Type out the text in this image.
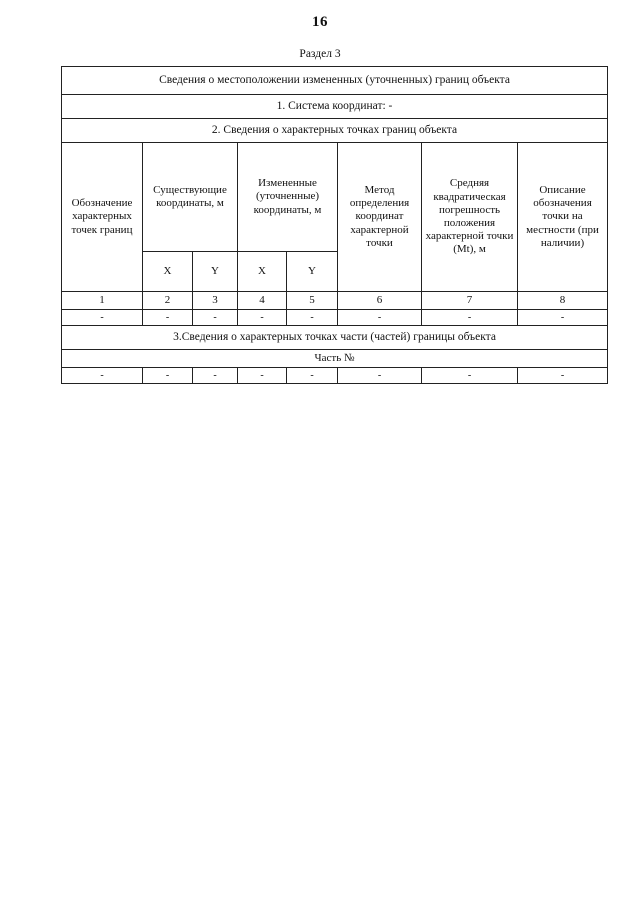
16
Раздел 3
Сведения о местоположении измененных (уточненных) границ объекта							
1. Система координат: -							
2. Сведения о характерных точках границ объекта							
Обозначение характерных точек границ	Существующие координаты, м		Измененные (уточненные) координаты, м		Метод определения координат характерной точки	Средняя квадратическая погрешность положения характерной точки (Mt), м	Описание обозначения точки на местности (при наличии)
	X	Y	X	Y			
1	2	3	4	5	6	7	8
-	-	-	-	-	-	-	-
3.Сведения о характерных точках части (частей) границы объекта							
Часть №							
-	-	-	-	-	-	-	-
